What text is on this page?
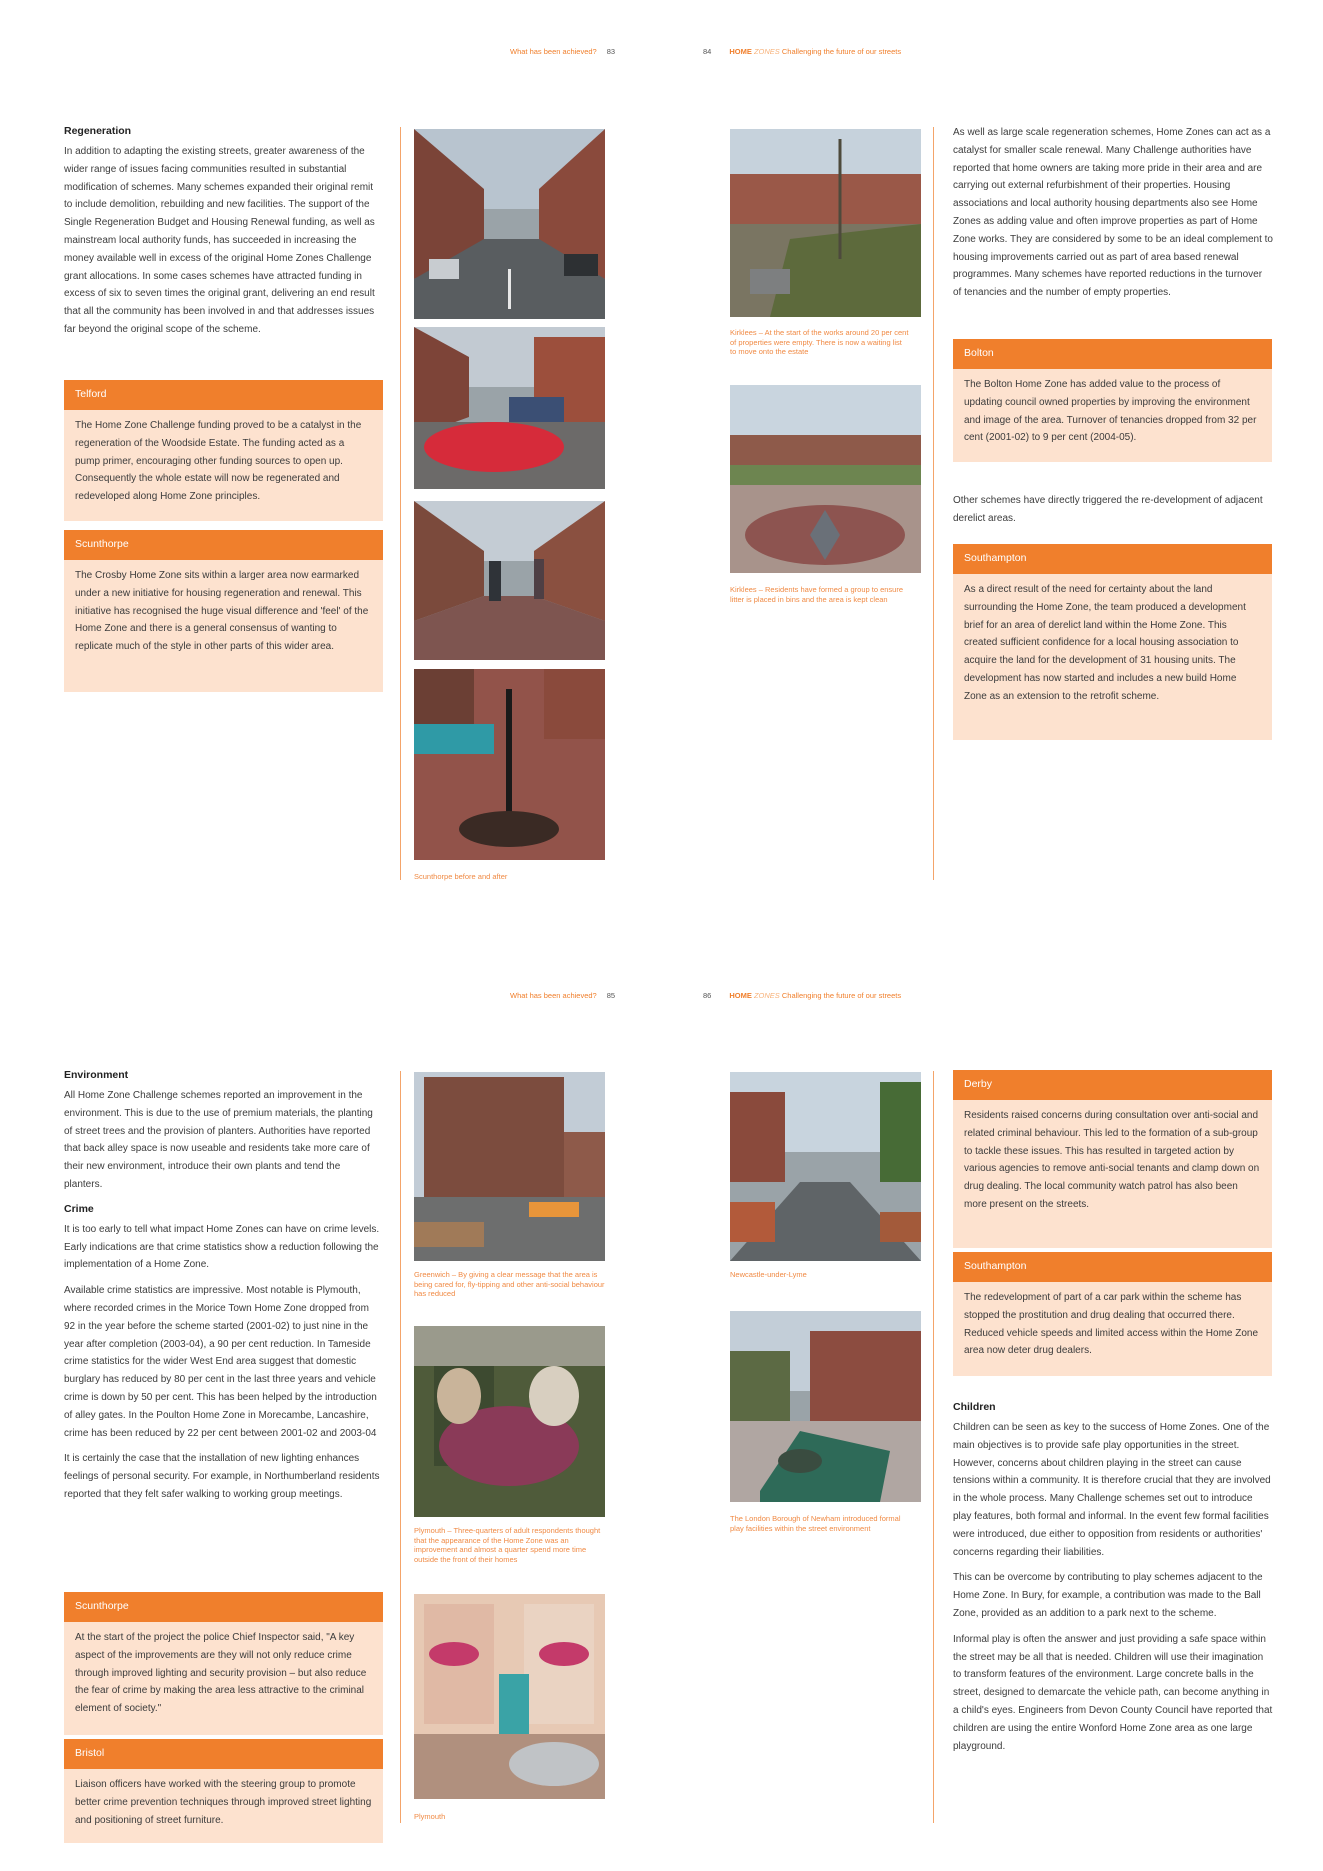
What has been achieved? 83	84 HOME ZONES Challenging the future of our streets
Regeneration

In addition to adapting the existing streets, greater awareness of the wider range of issues facing communities resulted in substantial modification of schemes. Many schemes expanded their original remit to include demolition, rebuilding and new facilities. The support of the Single Regeneration Budget and Housing Renewal funding, as well as mainstream local authority funds, has succeeded in increasing the money available well in excess of the original Home Zones Challenge grant allocations. In some cases schemes have attracted funding in excess of six to seven times the original grant, delivering an end result that all the community has been involved in and that addresses issues far beyond the original scope of the scheme.

Telford
The Home Zone Challenge funding proved to be a catalyst in the regeneration of the Woodside Estate. The funding acted as a pump primer, encouraging other funding sources to open up. Consequently the whole estate will now be regenerated and redeveloped along Home Zone principles.
Scunthorpe
The Crosby Home Zone sits within a larger area now earmarked under a new initiative for housing regeneration and renewal. This initiative has recognised the huge visual difference and 'feel' of the Home Zone and there is a general consensus of wanting to replicate much of the style in other parts of this wider area.
Scunthorpe before and after
Kirklees – At the start of the works around 20 per cent of properties were empty. There is now a waiting list to move onto the estate
Kirklees – Residents have formed a group to ensure litter is placed in bins and the area is kept clean

As well as large scale regeneration schemes, Home Zones can act as a catalyst for smaller scale renewal. Many Challenge authorities have reported that home owners are taking more pride in their area and are carrying out external refurbishment of their properties. Housing associations and local authority housing departments also see Home Zones as adding value and often improve properties as part of Home Zone works. They are considered by some to be an ideal complement to housing improvements carried out as part of area based renewal programmes. Many schemes have reported reductions in the turnover of tenancies and the number of empty properties.

Bolton
The Bolton Home Zone has added value to the process of updating council owned properties by improving the environment and image of the area. Turnover of tenancies dropped from 32 per cent (2001-02) to 9 per cent (2004-05).

Other schemes have directly triggered the re-development of adjacent derelict areas.

Southampton
As a direct result of the need for certainty about the land surrounding the Home Zone, the team produced a development brief for an area of derelict land within the Home Zone. This created sufficient confidence for a local housing association to acquire the land for the development of 31 housing units. The development has now started and includes a new build Home Zone as an extension to the retrofit scheme.
What has been achieved? 85	86 HOME ZONES Challenging the future of our streets
Environment

All Home Zone Challenge schemes reported an improvement in the environment. This is due to the use of premium materials, the planting of street trees and the provision of planters. Authorities have reported that back alley space is now useable and residents take more care of their new environment, introduce their own plants and tend the planters.

Crime

It is too early to tell what impact Home Zones can have on crime levels. Early indications are that crime statistics show a reduction following the implementation of a Home Zone.

Available crime statistics are impressive. Most notable is Plymouth, where recorded crimes in the Morice Town Home Zone dropped from 92 in the year before the scheme started (2001-02) to just nine in the year after completion (2003-04), a 90 per cent reduction. In Tameside crime statistics for the wider West End area suggest that domestic burglary has reduced by 80 per cent in the last three years and vehicle crime is down by 50 per cent. This has been helped by the introduction of alley gates. In the Poulton Home Zone in Morecambe, Lancashire, crime has been reduced by 22 per cent between 2001-02 and 2003-04

It is certainly the case that the installation of new lighting enhances feelings of personal security. For example, in Northumberland residents reported that they felt safer walking to working group meetings.

Scunthorpe
At the start of the project the police Chief Inspector said, "A key aspect of the improvements are they will not only reduce crime through improved lighting and security provision – but also reduce the fear of crime by making the area less attractive to the criminal element of society."
Bristol
Liaison officers have worked with the steering group to promote better crime prevention techniques through improved street lighting and positioning of street furniture.
Greenwich – By giving a clear message that the area is being cared for, fly-tipping and other anti-social behaviour has reduced
Plymouth – Three-quarters of adult respondents thought that the appearance of the Home Zone was an improvement and almost a quarter spend more time outside the front of their homes
Plymouth
Newcastle-under-Lyme
The London Borough of Newham introduced formal play facilities within the street environment
Derby
Residents raised concerns during consultation over anti-social and related criminal behaviour. This led to the formation of a sub-group to tackle these issues. This has resulted in targeted action by various agencies to remove anti-social tenants and clamp down on drug dealing. The local community watch patrol has also been more present on the streets.
Southampton
The redevelopment of part of a car park within the scheme has stopped the prostitution and drug dealing that occurred there. Reduced vehicle speeds and limited access within the Home Zone area now deter drug dealers.
Children

Children can be seen as key to the success of Home Zones. One of the main objectives is to provide safe play opportunities in the street. However, concerns about children playing in the street can cause tensions within a community. It is therefore crucial that they are involved in the whole process. Many Challenge schemes set out to introduce play features, both formal and informal. In the event few formal facilities were introduced, due either to opposition from residents or authorities' concerns regarding their liabilities.

This can be overcome by contributing to play schemes adjacent to the Home Zone. In Bury, for example, a contribution was made to the Ball Zone, provided as an addition to a park next to the scheme.

Informal play is often the answer and just providing a safe space within the street may be all that is needed. Children will use their imagination to transform features of the environment. Large concrete balls in the street, designed to demarcate the vehicle path, can become anything in a child's eyes. Engineers from Devon County Council have reported that children are using the entire Wonford Home Zone area as one large playground.
